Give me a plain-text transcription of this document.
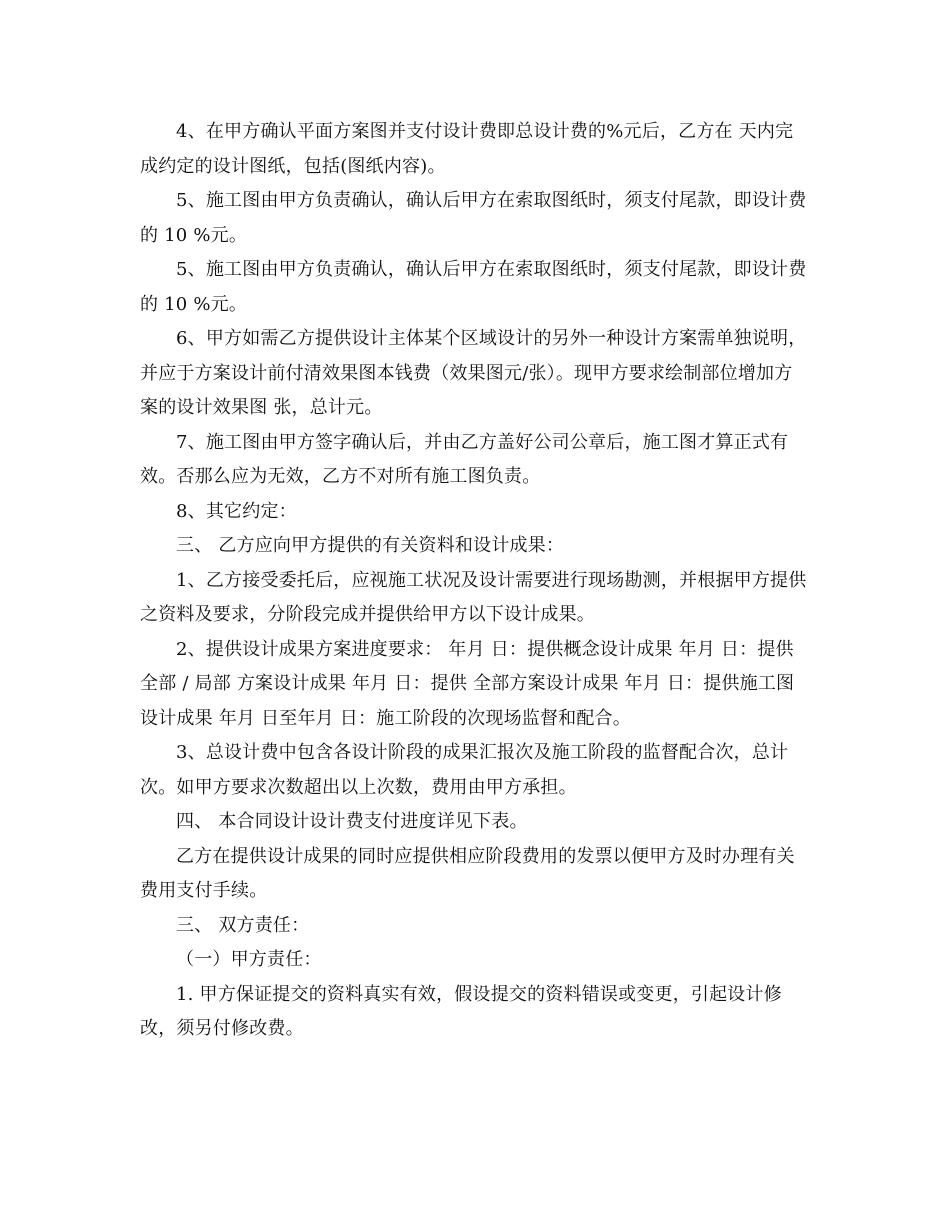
4、在甲方确认平面方案图并支付设计费即总设计费的%元后，乙方在 天内完成约定的设计图纸，包括(图纸内容)。

5、施工图由甲方负责确认，确认后甲方在索取图纸时，须支付尾款，即设计费的 10 %元。

5、施工图由甲方负责确认，确认后甲方在索取图纸时，须支付尾款，即设计费的 10 %元。

6、甲方如需乙方提供设计主体某个区域设计的另外一种设计方案需单独说明，并应于方案设计前付清效果图本钱费（效果图元/张）。现甲方要求绘制部位增加方案的设计效果图 张，总计元。

7、施工图由甲方签字确认后，并由乙方盖好公司公章后，施工图才算正式有效。否那么应为无效，乙方不对所有施工图负责。

8、其它约定：

三、 乙方应向甲方提供的有关资料和设计成果：

1、乙方接受委托后，应视施工状况及设计需要进行现场勘测，并根据甲方提供之资料及要求，分阶段完成并提供给甲方以下设计成果。

2、提供设计成果方案进度要求： 年月 日：提供概念设计成果 年月 日：提供全部 / 局部 方案设计成果 年月 日：提供 全部方案设计成果 年月 日：提供施工图设计成果 年月 日至年月 日：施工阶段的次现场监督和配合。

3、总设计费中包含各设计阶段的成果汇报次及施工阶段的监督配合次，总计次。如甲方要求次数超出以上次数，费用由甲方承担。

四、 本合同设计设计费支付进度详见下表。

乙方在提供设计成果的同时应提供相应阶段费用的发票以便甲方及时办理有关费用支付手续。

三、 双方责任：

（一）甲方责任：

1. 甲方保证提交的资料真实有效，假设提交的资料错误或变更，引起设计修改，须另付修改费。
